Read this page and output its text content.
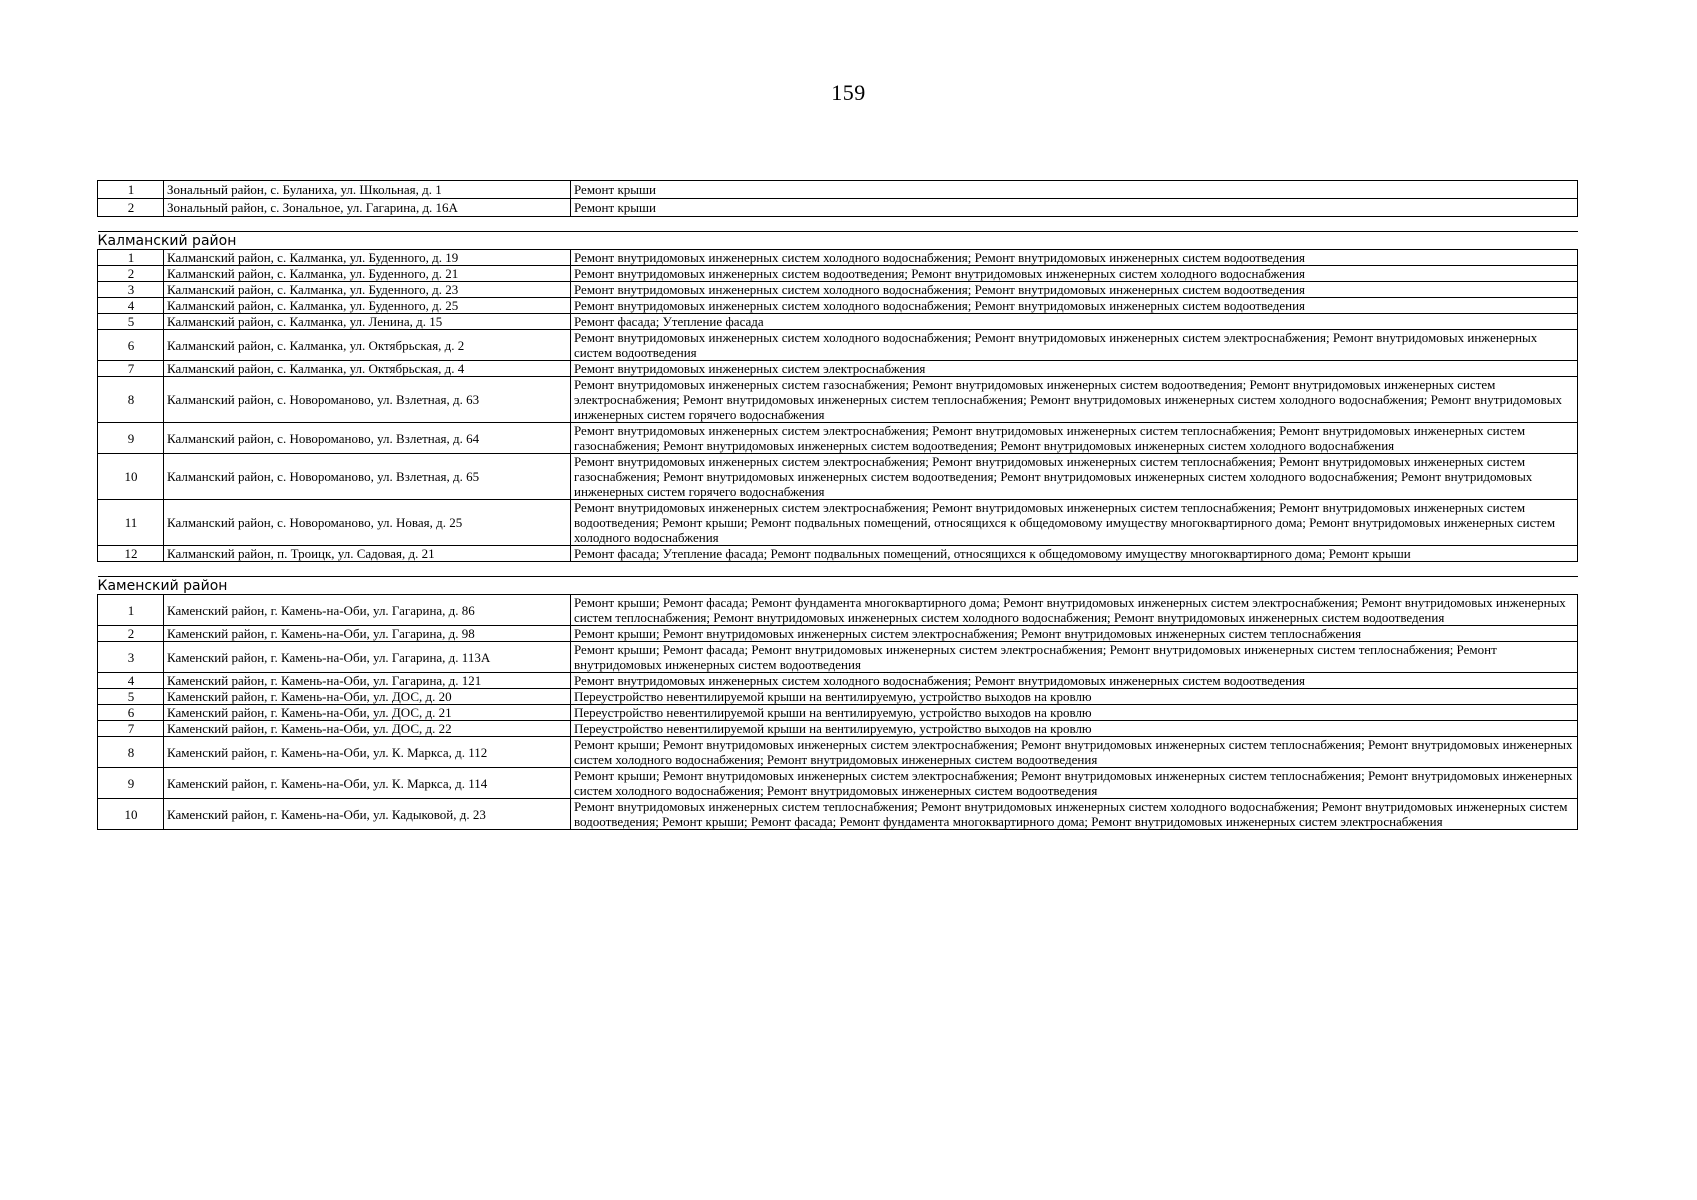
159
1	Зональный район, с. Буланиха, ул. Школьная, д. 1	Ремонт крыши
2	Зональный район, с. Зональное, ул. Гагарина, д. 16А	Ремонт крыши

Калманский район		
1	Калманский район, с. Калманка, ул. Буденного, д. 19	Ремонт внутридомовых инженерных систем холодного водоснабжения; Ремонт внутридомовых инженерных систем водоотведения
2	Калманский район, с. Калманка, ул. Буденного, д. 21	Ремонт внутридомовых инженерных систем водоотведения; Ремонт внутридомовых инженерных систем холодного водоснабжения
3	Калманский район, с. Калманка, ул. Буденного, д. 23	Ремонт внутридомовых инженерных систем холодного водоснабжения; Ремонт внутридомовых инженерных систем водоотведения
4	Калманский район, с. Калманка, ул. Буденного, д. 25	Ремонт внутридомовых инженерных систем холодного водоснабжения; Ремонт внутридомовых инженерных систем водоотведения
5	Калманский район, с. Калманка, ул. Ленина, д. 15	Ремонт фасада; Утепление фасада
6	Калманский район, с. Калманка, ул. Октябрьская, д. 2	Ремонт внутридомовых инженерных систем холодного водоснабжения; Ремонт внутридомовых инженерных систем электроснабжения; Ремонт внутридомовых инженерных систем водоотведения
7	Калманский район, с. Калманка, ул. Октябрьская, д. 4	Ремонт внутридомовых инженерных систем электроснабжения
8	Калманский район, с. Новоромановo, ул. Взлетная, д. 63	Ремонт внутридомовых инженерных систем газоснабжения; Ремонт внутридомовых инженерных систем водоотведения; Ремонт внутридомовых инженерных систем электроснабжения; Ремонт внутридомовых инженерных систем теплоснабжения; Ремонт внутридомовых инженерных систем холодного водоснабжения; Ремонт внутридомовых инженерных систем горячего водоснабжения
9	Калманский район, с. Новоромановo, ул. Взлетная, д. 64	Ремонт внутридомовых инженерных систем электроснабжения; Ремонт внутридомовых инженерных систем теплоснабжения; Ремонт внутридомовых инженерных систем газоснабжения; Ремонт внутридомовых инженерных систем водоотведения; Ремонт внутридомовых инженерных систем холодного водоснабжения
10	Калманский район, с. Новоромановo, ул. Взлетная, д. 65	Ремонт внутридомовых инженерных систем электроснабжения; Ремонт внутридомовых инженерных систем теплоснабжения; Ремонт внутридомовых инженерных систем газоснабжения; Ремонт внутридомовых инженерных систем водоотведения; Ремонт внутридомовых инженерных систем холодного водоснабжения; Ремонт внутридомовых инженерных систем горячего водоснабжения
11	Калманский район, с. Новоромановo, ул. Новая, д. 25	Ремонт внутридомовых инженерных систем электроснабжения; Ремонт внутридомовых инженерных систем теплоснабжения; Ремонт внутридомовых инженерных систем водоотведения; Ремонт крыши; Ремонт подвальных помещений, относящихся к общедомовому имуществу многоквартирного дома; Ремонт внутридомовых инженерных систем холодного водоснабжения
12	Калманский район, п. Троицк, ул. Садовая, д. 21	Ремонт фасада; Утепление фасада; Ремонт подвальных помещений, относящихся к общедомовому имуществу многоквартирного дома; Ремонт крыши

Каменский район		
1	Каменский район, г. Камень-на-Оби, ул. Гагарина, д. 86	Ремонт крыши; Ремонт фасада; Ремонт фундамента многоквартирного дома; Ремонт внутридомовых инженерных систем электроснабжения; Ремонт внутридомовых инженерных систем теплоснабжения; Ремонт внутридомовых инженерных систем холодного водоснабжения; Ремонт внутридомовых инженерных систем водоотведения
2	Каменский район, г. Камень-на-Оби, ул. Гагарина, д. 98	Ремонт крыши; Ремонт внутридомовых инженерных систем электроснабжения; Ремонт внутридомовых инженерных систем теплоснабжения
3	Каменский район, г. Камень-на-Оби, ул. Гагарина, д. 113А	Ремонт крыши; Ремонт фасада; Ремонт внутридомовых инженерных систем электроснабжения; Ремонт внутридомовых инженерных систем теплоснабжения; Ремонт внутридомовых инженерных систем водоотведения
4	Каменский район, г. Камень-на-Оби, ул. Гагарина, д. 121	Ремонт внутридомовых инженерных систем холодного водоснабжения; Ремонт внутридомовых инженерных систем водоотведения
5	Каменский район, г. Камень-на-Оби, ул. ДОС, д. 20	Переустройство невентилируемой крыши на вентилируемую, устройство выходов на кровлю
6	Каменский район, г. Камень-на-Оби, ул. ДОС, д. 21	Переустройство невентилируемой крыши на вентилируемую, устройство выходов на кровлю
7	Каменский район, г. Камень-на-Оби, ул. ДОС, д. 22	Переустройство невентилируемой крыши на вентилируемую, устройство выходов на кровлю
8	Каменский район, г. Камень-на-Оби, ул. К. Маркса, д. 112	Ремонт крыши; Ремонт внутридомовых инженерных систем электроснабжения; Ремонт внутридомовых инженерных систем теплоснабжения; Ремонт внутридомовых инженерных систем холодного водоснабжения; Ремонт внутридомовых инженерных систем водоотведения
9	Каменский район, г. Камень-на-Оби, ул. К. Маркса, д. 114	Ремонт крыши; Ремонт внутридомовых инженерных систем электроснабжения; Ремонт внутридомовых инженерных систем теплоснабжения; Ремонт внутридомовых инженерных систем холодного водоснабжения; Ремонт внутридомовых инженерных систем водоотведения
10	Каменский район, г. Камень-на-Оби, ул. Кадыковой, д. 23	Ремонт внутридомовых инженерных систем теплоснабжения; Ремонт внутридомовых инженерных систем холодного водоснабжения; Ремонт внутридомовых инженерных систем водоотведения; Ремонт крыши; Ремонт фасада; Ремонт фундамента многоквартирного дома; Ремонт внутридомовых инженерных систем электроснабжения
